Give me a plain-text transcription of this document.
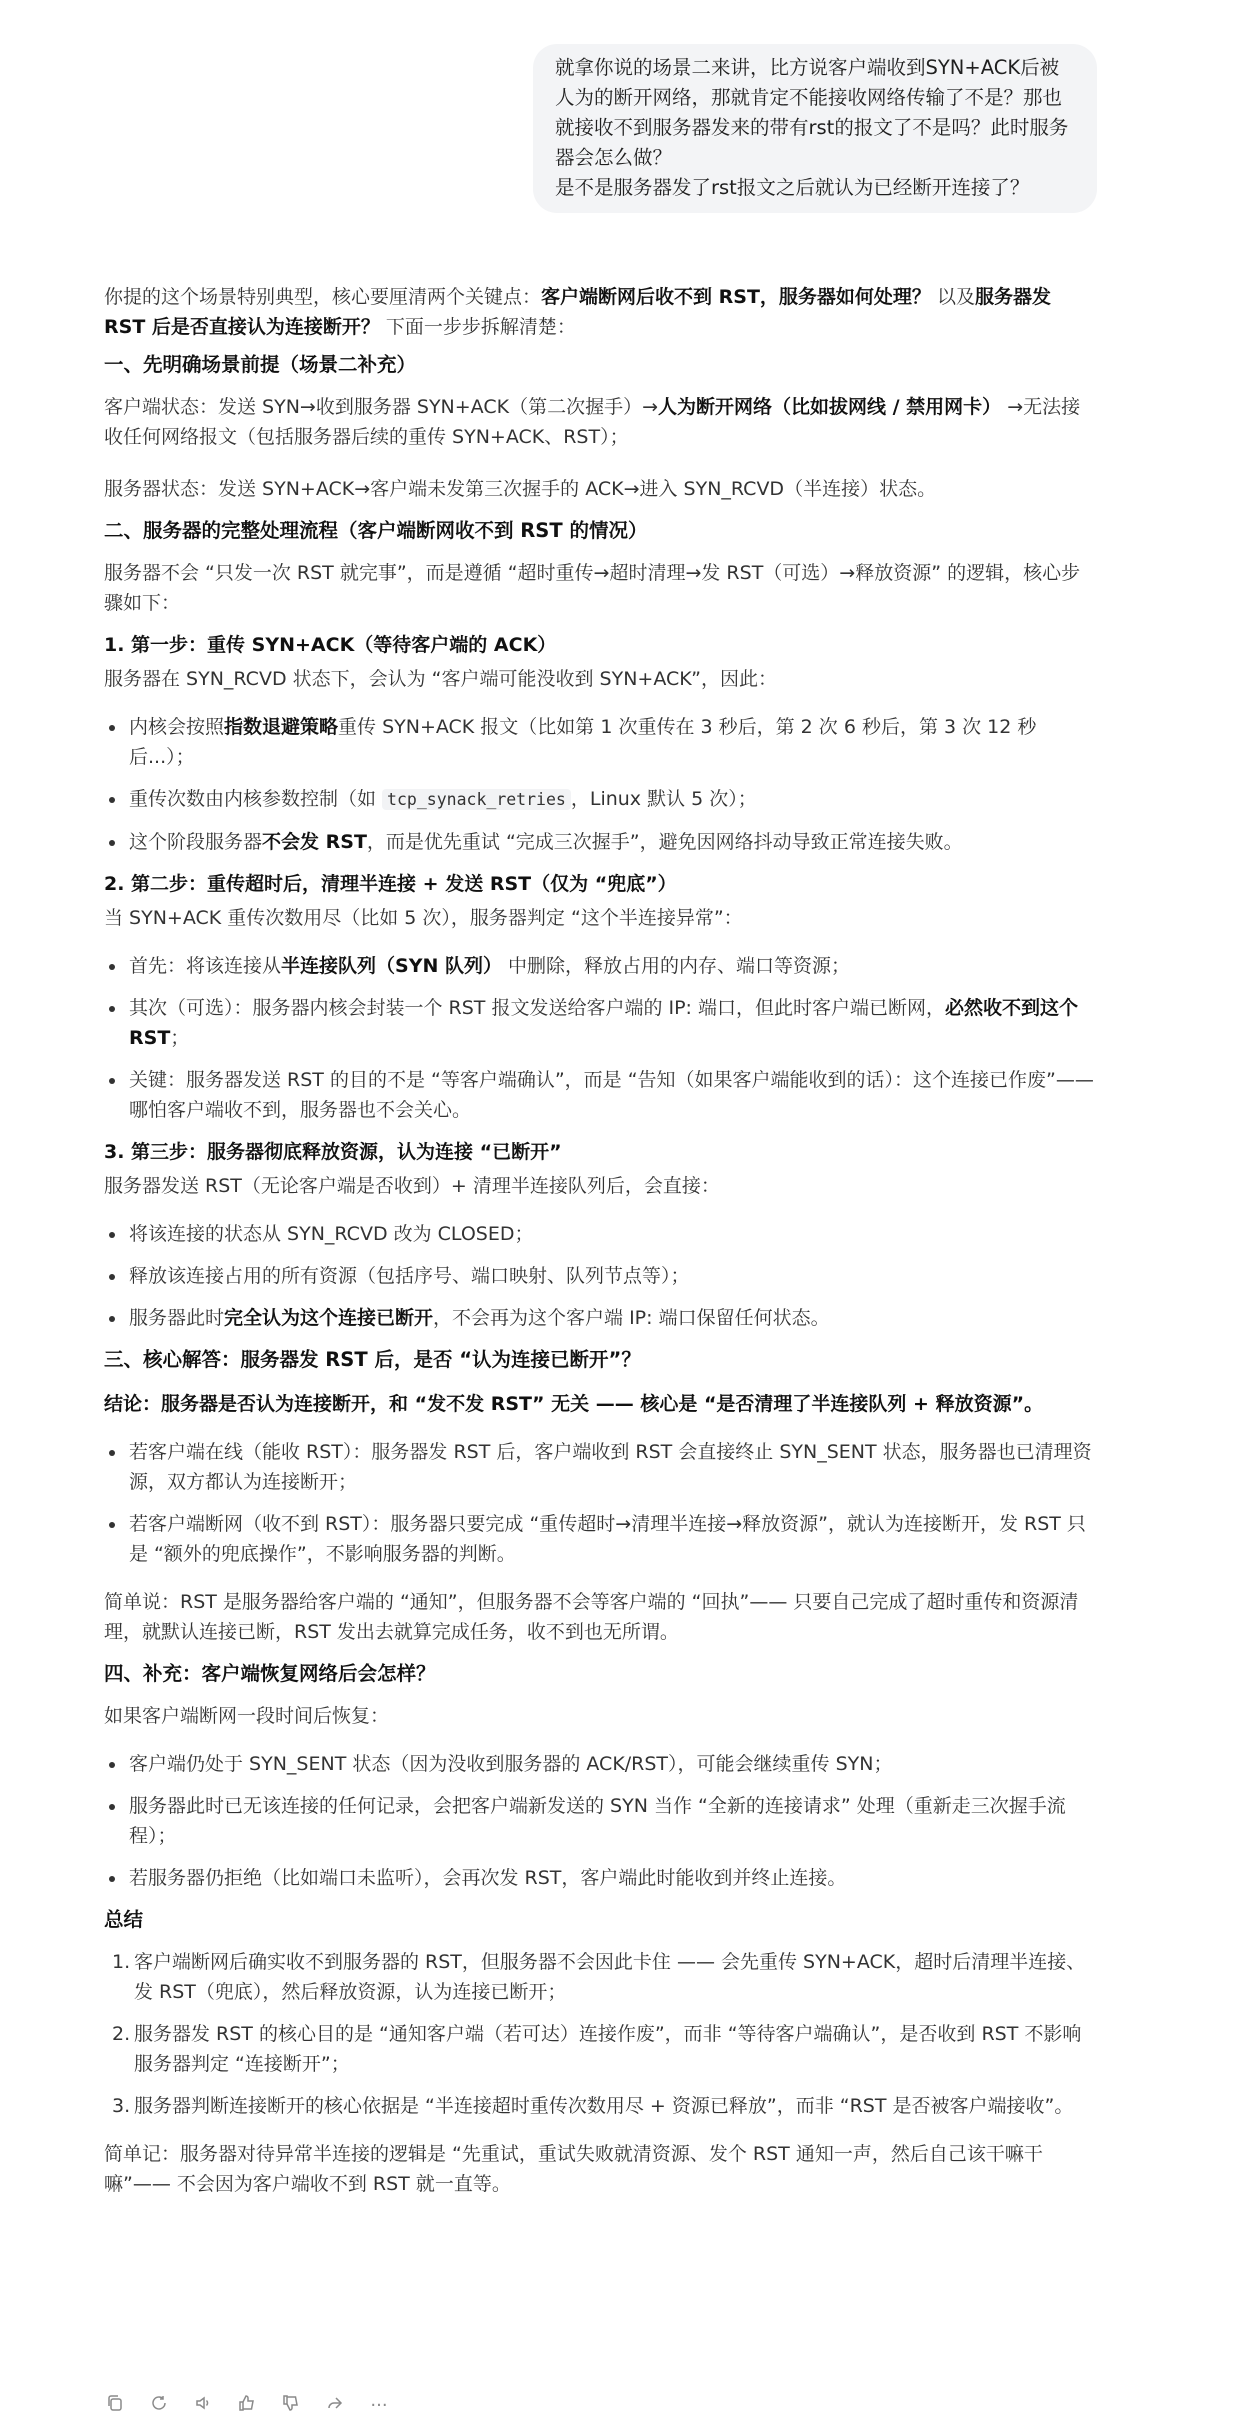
就拿你说的场景二来讲，比方说客户端收到SYN+ACK后被人为的断开网络，那就肯定不能接收网络传输了不是？那也就接收不到服务器发来的带有rst的报文了不是吗？此时服务器会怎么做？

是不是服务器发了rst报文之后就认为已经断开连接了？

你提的这个场景特别典型，核心要厘清两个关键点：客户端断网后收不到 RST，服务器如何处理？ 以及服务器发 RST 后是否直接认为连接断开？ 下面一步步拆解清楚：

一、先明确场景前提（场景二补充）

客户端状态：发送 SYN→收到服务器 SYN+ACK（第二次握手）→人为断开网络（比如拔网线 / 禁用网卡） →无法接收任何网络报文（包括服务器后续的重传 SYN+ACK、RST）；

服务器状态：发送 SYN+ACK→客户端未发第三次握手的 ACK→进入 SYN_RCVD（半连接）状态。

二、服务器的完整处理流程（客户端断网收不到 RST 的情况）

服务器不会 “只发一次 RST 就完事”，而是遵循 “超时重传→超时清理→发 RST（可选）→释放资源” 的逻辑，核心步骤如下：

1. 第一步：重传 SYN+ACK（等待客户端的 ACK）

服务器在 SYN_RCVD 状态下，会认为 “客户端可能没收到 SYN+ACK”，因此：

内核会按照指数退避策略重传 SYN+ACK 报文（比如第 1 次重传在 3 秒后，第 2 次 6 秒后，第 3 次 12 秒后...）；
重传次数由内核参数控制（如 tcp_synack_retries ，Linux 默认 5 次）；
这个阶段服务器不会发 RST，而是优先重试 “完成三次握手”，避免因网络抖动导致正常连接失败。

2. 第二步：重传超时后，清理半连接 + 发送 RST（仅为 “兜底”）

当 SYN+ACK 重传次数用尽（比如 5 次），服务器判定 “这个半连接异常”：

首先：将该连接从半连接队列（SYN 队列） 中删除，释放占用的内存、端口等资源；
其次（可选）：服务器内核会封装一个 RST 报文发送给客户端的 IP: 端口，但此时客户端已断网，必然收不到这个 RST；
关键：服务器发送 RST 的目的不是 “等客户端确认”，而是 “告知（如果客户端能收到的话）：这个连接已作废”—— 哪怕客户端收不到，服务器也不会关心。

3. 第三步：服务器彻底释放资源，认为连接 “已断开”

服务器发送 RST（无论客户端是否收到）+ 清理半连接队列后，会直接：

将该连接的状态从 SYN_RCVD 改为 CLOSED；
释放该连接占用的所有资源（包括序号、端口映射、队列节点等）；
服务器此时完全认为这个连接已断开，不会再为这个客户端 IP: 端口保留任何状态。

三、核心解答：服务器发 RST 后，是否 “认为连接已断开”？

结论：服务器是否认为连接断开，和 “发不发 RST” 无关 —— 核心是 “是否清理了半连接队列 + 释放资源”。

若客户端在线（能收 RST）：服务器发 RST 后，客户端收到 RST 会直接终止 SYN_SENT 状态，服务器也已清理资源，双方都认为连接断开；
若客户端断网（收不到 RST）：服务器只要完成 “重传超时→清理半连接→释放资源”，就认为连接断开，发 RST 只是 “额外的兜底操作”，不影响服务器的判断。

简单说：RST 是服务器给客户端的 “通知”，但服务器不会等客户端的 “回执”—— 只要自己完成了超时重传和资源清理，就默认连接已断，RST 发出去就算完成任务，收不到也无所谓。

四、补充：客户端恢复网络后会怎样？

如果客户端断网一段时间后恢复：

客户端仍处于 SYN_SENT 状态（因为没收到服务器的 ACK/RST），可能会继续重传 SYN；
服务器此时已无该连接的任何记录，会把客户端新发送的 SYN 当作 “全新的连接请求” 处理（重新走三次握手流程）；
若服务器仍拒绝（比如端口未监听），会再次发 RST，客户端此时能收到并终止连接。

总结

1. 客户端断网后确实收不到服务器的 RST，但服务器不会因此卡住 —— 会先重传 SYN+ACK，超时后清理半连接、发 RST（兜底），然后释放资源，认为连接已断开；
2. 服务器发 RST 的核心目的是 “通知客户端（若可达）连接作废”，而非 “等待客户端确认”，是否收到 RST 不影响服务器判定 “连接断开”；
3. 服务器判断连接断开的核心依据是 “半连接超时重传次数用尽 + 资源已释放”，而非 “RST 是否被客户端接收”。

简单记：服务器对待异常半连接的逻辑是 “先重试，重试失败就清资源、发个 RST 通知一声，然后自己该干嘛干嘛”—— 不会因为客户端收不到 RST 就一直等。

···
